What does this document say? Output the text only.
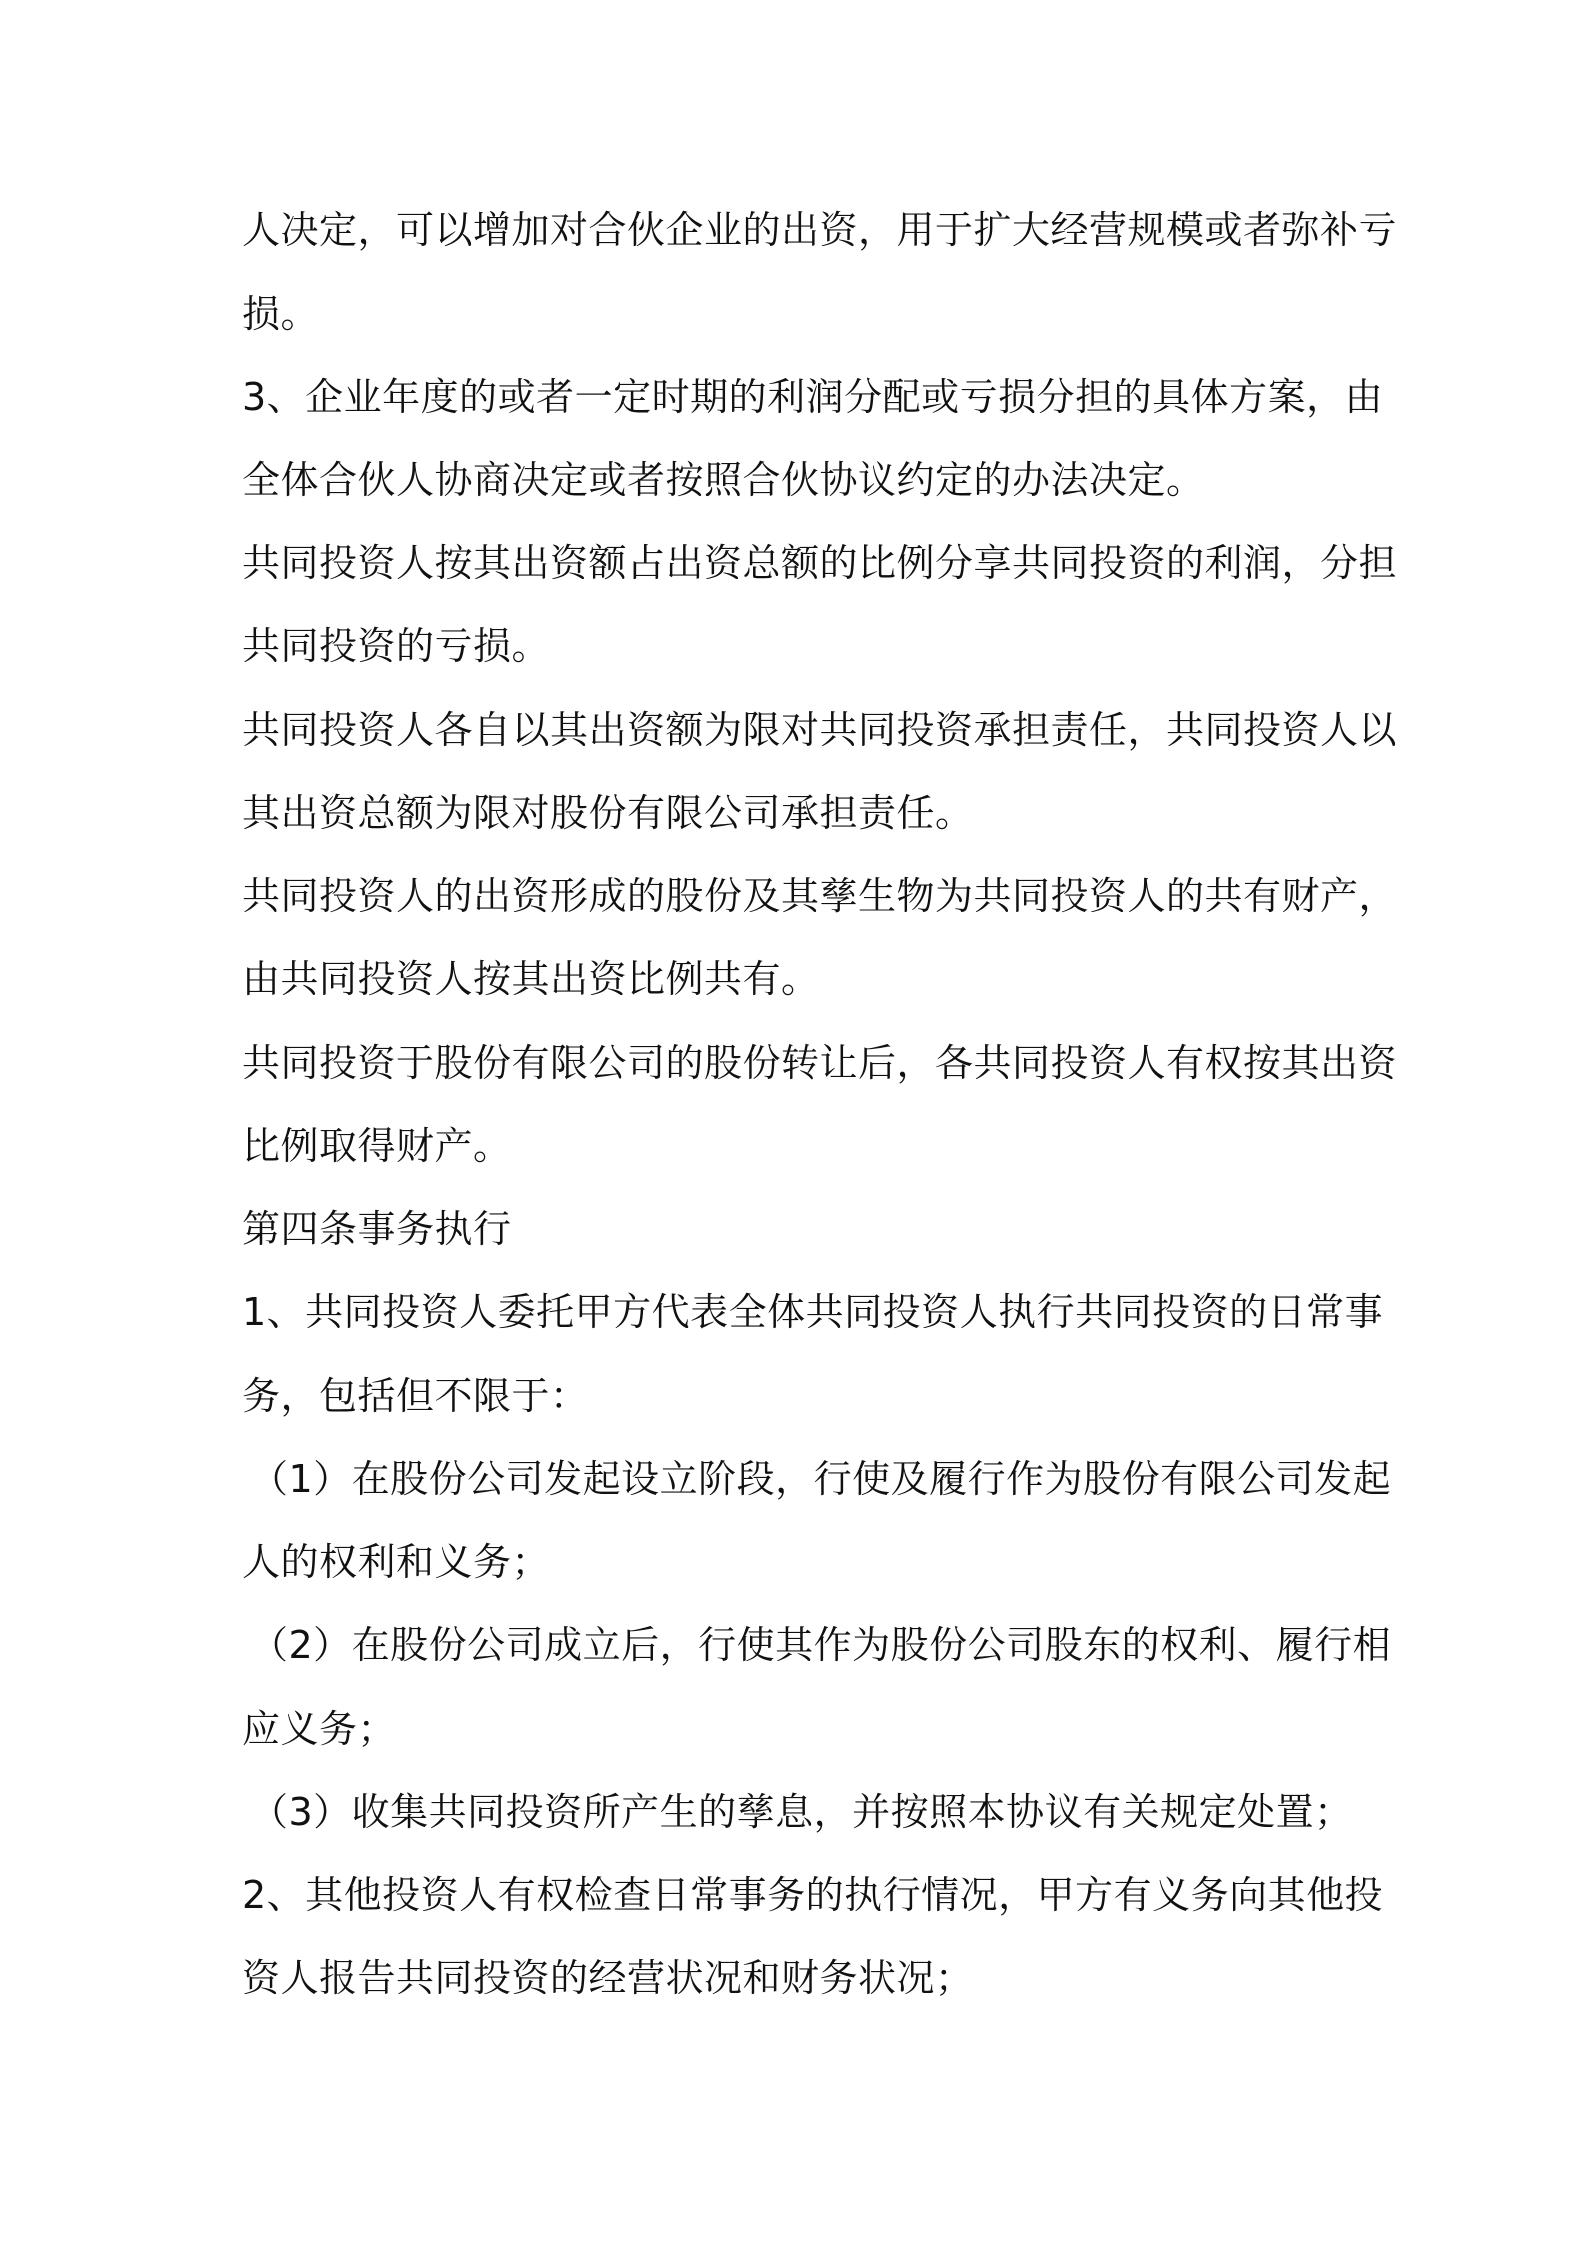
人决定，可以增加对合伙企业的出资，用于扩大经营规模或者弥补亏
损。
3、企业年度的或者一定时期的利润分配或亏损分担的具体方案，由
全体合伙人协商决定或者按照合伙协议约定的办法决定。
共同投资人按其出资额占出资总额的比例分享共同投资的利润，分担
共同投资的亏损。
共同投资人各自以其出资额为限对共同投资承担责任，共同投资人以
其出资总额为限对股份有限公司承担责任。
共同投资人的出资形成的股份及其孳生物为共同投资人的共有财产，
由共同投资人按其出资比例共有。
共同投资于股份有限公司的股份转让后，各共同投资人有权按其出资
比例取得财产。
第四条事务执行
1、共同投资人委托甲方代表全体共同投资人执行共同投资的日常事
务，包括但不限于：
（1）在股份公司发起设立阶段，行使及履行作为股份有限公司发起
人的权利和义务；
（2）在股份公司成立后，行使其作为股份公司股东的权利、履行相
应义务；
（3）收集共同投资所产生的孳息，并按照本协议有关规定处置；
2、其他投资人有权检查日常事务的执行情况，甲方有义务向其他投
资人报告共同投资的经营状况和财务状况；
